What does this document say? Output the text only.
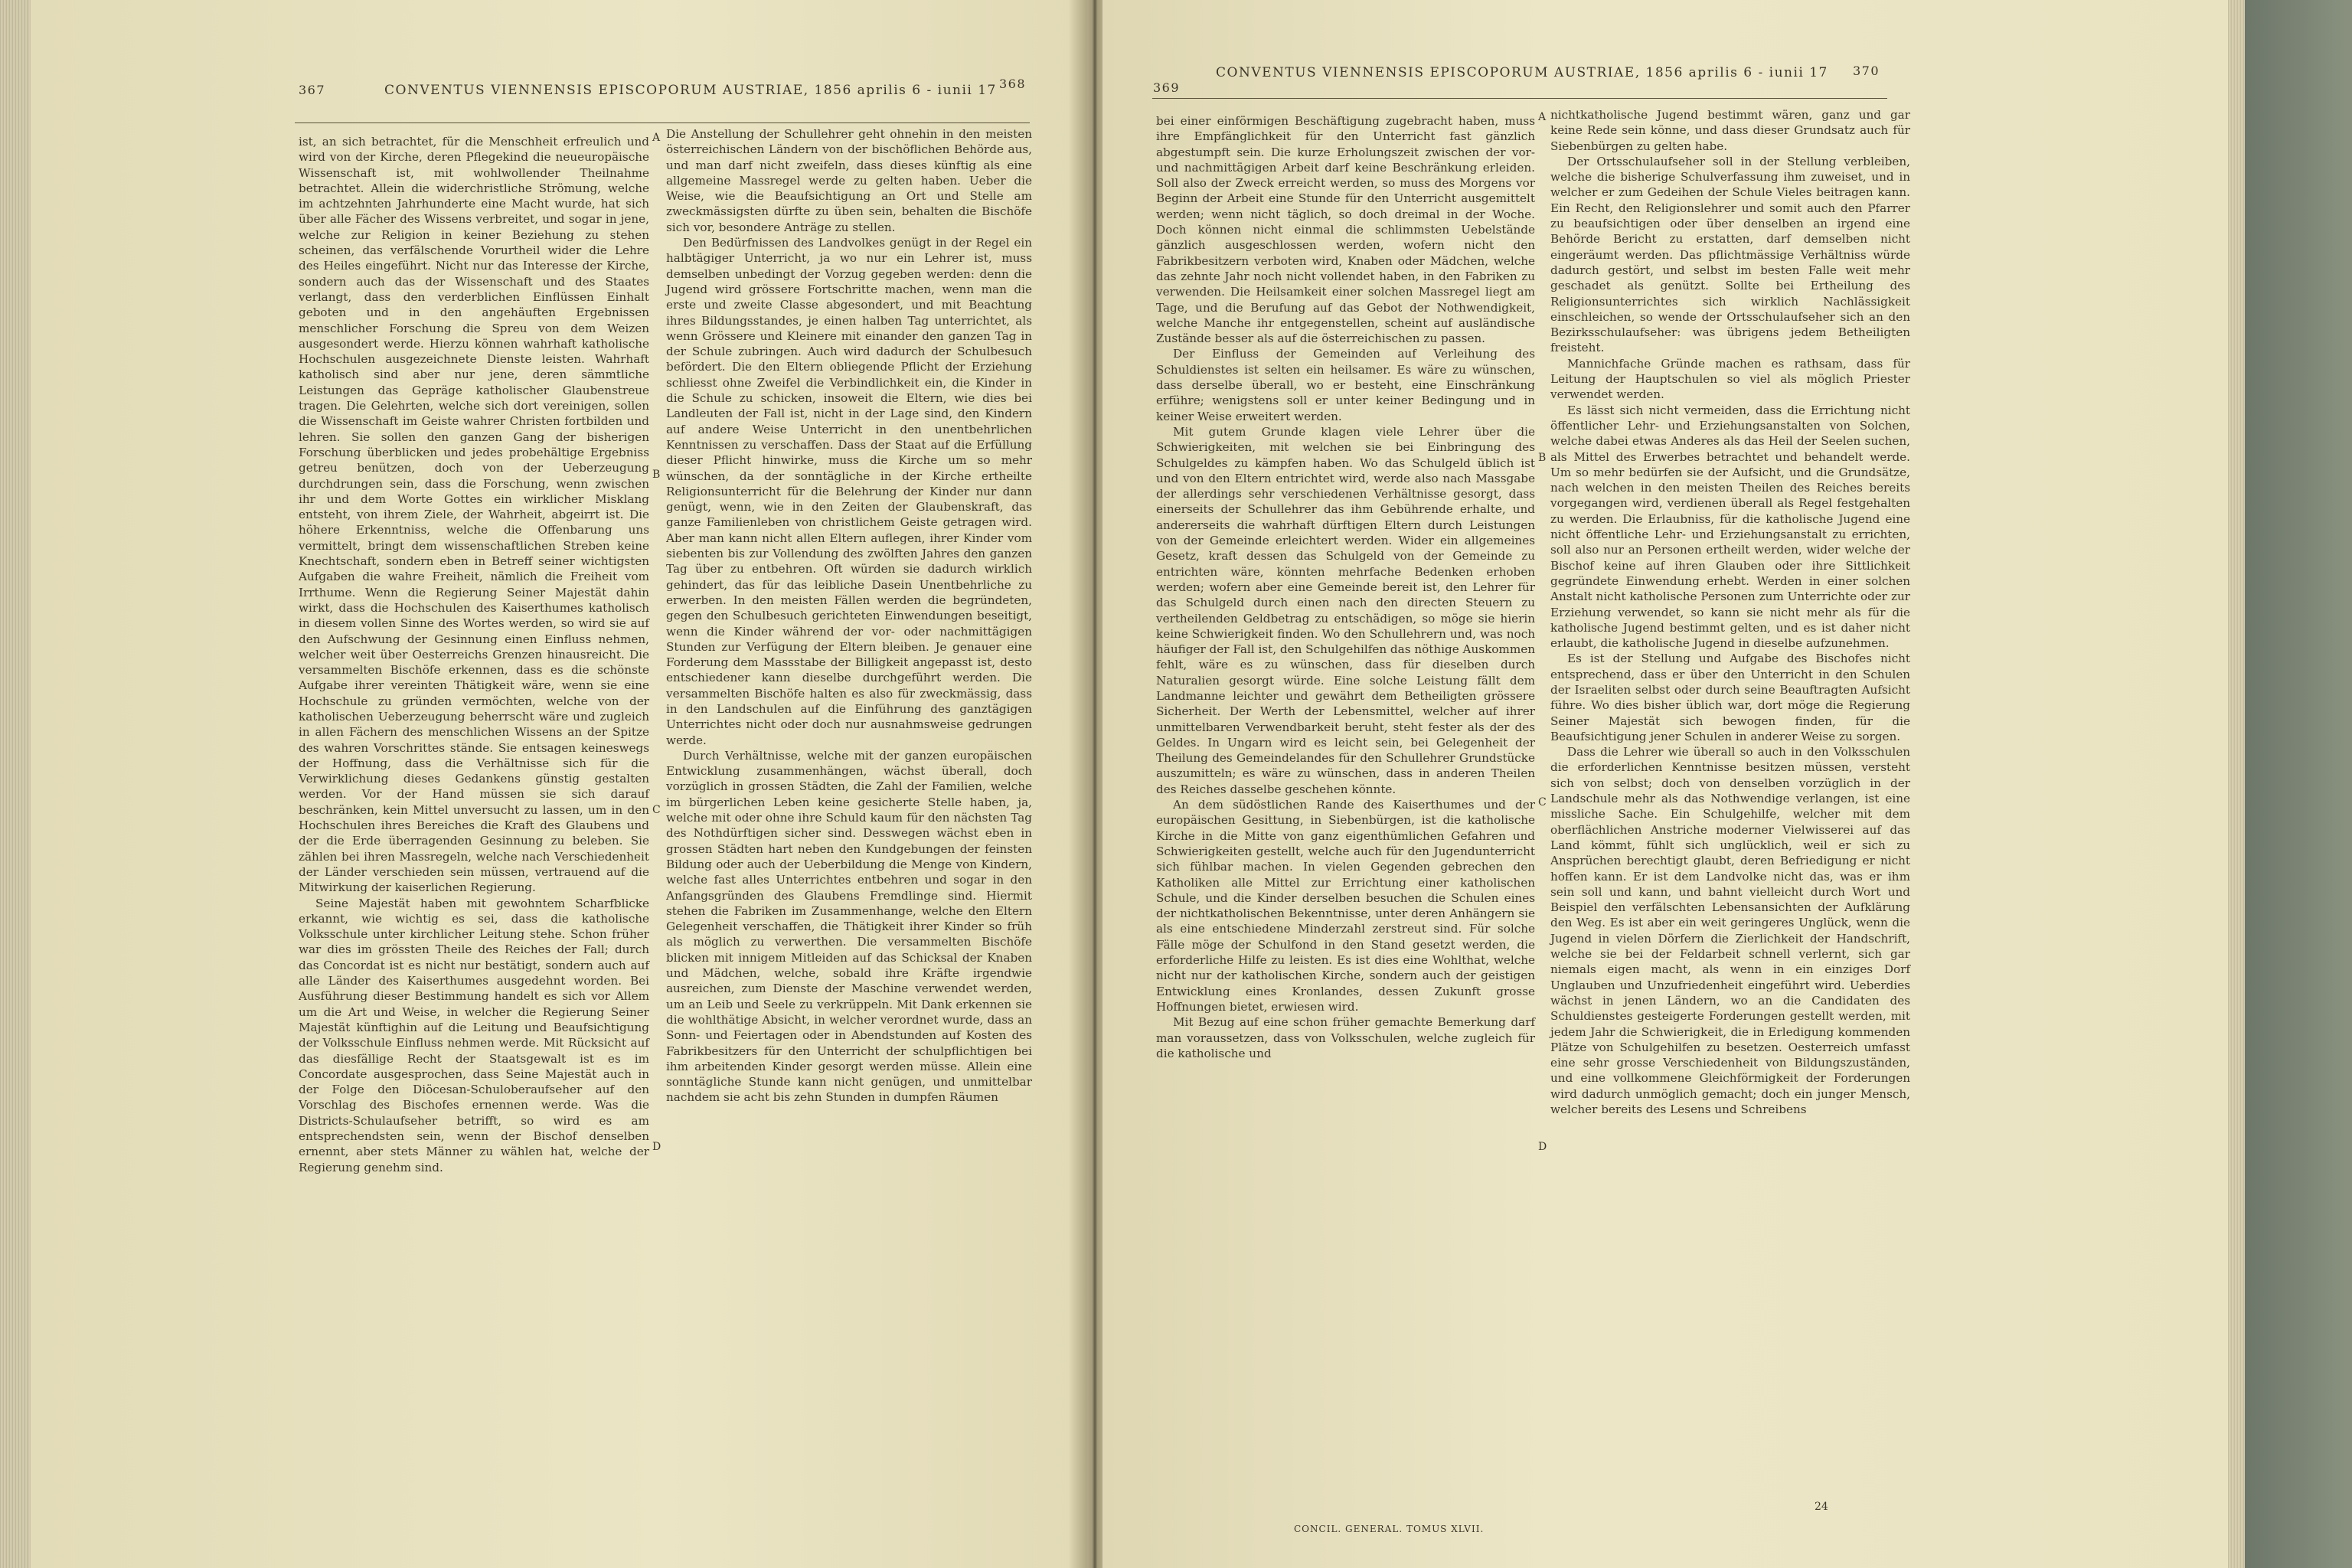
367	CONVENTUS VIENNENSIS EPISCOPORUM AUSTRIAE, 1856 aprilis 6 - iunii 17 368

ist, an sich betrachtet, für die Menschheit erfreulich und wird von der Kirche, deren Pflegekind die neueuropäische Wissenschaft ist, mit wohlwollender Theilnahme betrachtet. Allein die widerchristliche Strömung, welche im achtzehnten Jahrhunderte eine Macht wurde, hat sich über alle Fächer des Wissens verbreitet, und sogar in jene, welche zur Religion in keiner Beziehung zu stehen scheinen, das verfälschende Vorurtheil wider die Lehre des Heiles eingeführt. Nicht nur das Interesse der Kirche, sondern auch das der Wissenschaft und des Staates verlangt, dass den verderblichen Einflüssen Einhalt geboten und in den angehäuften Ergebnissen menschlicher Forschung die Spreu von dem Weizen ausgesondert werde. Hierzu können wahrhaft katholische Hochschulen ausgezeichnete Dienste leisten. Wahrhaft katholisch sind aber nur jene, deren sämmtliche Leistungen das Gepräge katholischer Glaubenstreue tragen. Die Gelehrten, welche sich dort vereinigen, sollen die Wissenschaft im Geiste wahrer Christen fortbilden und lehren. Sie sollen den ganzen Gang der bisherigen Forschung überblicken und jedes probehältige Ergebniss getreu benützen, doch von der Ueberzeugung durchdrungen sein, dass die Forschung, wenn zwischen ihr und dem Worte Gottes ein wirklicher Misklang entsteht, von ihrem Ziele, der Wahrheit, abgeirrt ist. Die höhere Erkenntniss, welche die Offenbarung uns vermittelt, bringt dem wissenschaftlichen Streben keine Knechtschaft, sondern eben in Betreff seiner wichtigsten Aufgaben die wahre Freiheit, nämlich die Freiheit vom Irrthume. Wenn die Regierung Seiner Majestät dahin wirkt, dass die Hochschulen des Kaiserthumes katholisch in diesem vollen Sinne des Wortes werden, so wird sie auf den Aufschwung der Gesinnung einen Einfluss nehmen, welcher weit über Oesterreichs Grenzen hinausreicht. Die versammelten Bischöfe erkennen, dass es die schönste Aufgabe ihrer vereinten Thätigkeit wäre, wenn sie eine Hochschule zu gründen vermöchten, welche von der katholischen Ueberzeugung beherrscht wäre und zugleich in allen Fächern des menschlichen Wissens an der Spitze des wahren Vorschrittes stände. Sie entsagen keineswegs der Hoffnung, dass die Verhältnisse sich für die Verwirklichung dieses Gedankens günstig gestalten werden. Vor der Hand müssen sie sich darauf beschränken, kein Mittel unversucht zu lassen, um in den Hochschulen ihres Bereiches die Kraft des Glaubens und der die Erde überragenden Gesinnung zu beleben. Sie zählen bei ihren Massregeln, welche nach Verschiedenheit der Länder verschieden sein müssen, vertrauend auf die Mitwirkung der kaiserlichen Regierung.

Seine Majestät haben mit gewohntem Scharfblicke erkannt, wie wichtig es sei, dass die katholische Volksschule unter kirchlicher Leitung stehe. Schon früher war dies im grössten Theile des Reiches der Fall; durch das Concordat ist es nicht nur bestätigt, sondern auch auf alle Länder des Kaiserthumes ausgedehnt worden. Bei Ausführung dieser Bestimmung handelt es sich vor Allem um die Art und Weise, in welcher die Regierung Seiner Majestät künftighin auf die Leitung und Beaufsichtigung der Volksschule Einfluss nehmen werde. Mit Rücksicht auf das diesfällige Recht der Staatsgewalt ist es im Concordate ausgesprochen, dass Seine Majestät auch in der Folge den Diöcesan-Schuloberaufseher auf den Vorschlag des Bischofes ernennen werde. Was die Districts-Schulaufseher betrifft, so wird es am entsprechendsten sein, wenn der Bischof denselben ernennt, aber stets Männer zu wählen hat, welche der Regierung genehm sind.

Die Anstellung der Schullehrer geht ohnehin in den meisten österreichischen Ländern von der bischöflichen Behörde aus, und man darf nicht zweifeln, dass dieses künftig als eine allgemeine Massregel werde zu gelten haben. Ueber die Weise, wie die Beaufsichtigung an Ort und Stelle am zweckmässigsten dürfte zu üben sein, behalten die Bischöfe sich vor, besondere Anträge zu stellen.

Den Bedürfnissen des Landvolkes genügt in der Regel ein halbtägiger Unterricht, ja wo nur ein Lehrer ist, muss demselben unbedingt der Vorzug gegeben werden: denn die Jugend wird grössere Fortschritte machen, wenn man die erste und zweite Classe abgesondert, und mit Beachtung ihres Bildungsstandes, je einen halben Tag unterrichtet, als wenn Grössere und Kleinere mit einander den ganzen Tag in der Schule zubringen. Auch wird dadurch der Schulbesuch befördert. Die den Eltern obliegende Pflicht der Erziehung schliesst ohne Zweifel die Verbindlichkeit ein, die Kinder in die Schule zu schicken, insoweit die Eltern, wie dies bei Landleuten der Fall ist, nicht in der Lage sind, den Kindern auf andere Weise Unterricht in den unentbehrlichen Kenntnissen zu verschaffen. Dass der Staat auf die Erfüllung dieser Pflicht hinwirke, muss die Kirche um so mehr wünschen, da der sonntägliche in der Kirche ertheilte Religionsunterricht für die Belehrung der Kinder nur dann genügt, wenn, wie in den Zeiten der Glaubenskraft, das ganze Familienleben von christlichem Geiste getragen wird. Aber man kann nicht allen Eltern auflegen, ihrer Kinder vom siebenten bis zur Vollendung des zwölften Jahres den ganzen Tag über zu entbehren. Oft würden sie dadurch wirklich gehindert, das für das leibliche Dasein Unentbehrliche zu erwerben. In den meisten Fällen werden die begründeten, gegen den Schulbesuch gerichteten Einwendungen beseitigt, wenn die Kinder während der vor- oder nachmittägigen Stunden zur Verfügung der Eltern bleiben. Je genauer eine Forderung dem Massstabe der Billigkeit angepasst ist, desto entschiedener kann dieselbe durchgeführt werden. Die versammelten Bischöfe halten es also für zweckmässig, dass in den Landschulen auf die Einführung des ganztägigen Unterrichtes nicht oder doch nur ausnahmsweise gedrungen werde.

Durch Verhältnisse, welche mit der ganzen europäischen Entwicklung zusammenhängen, wächst überall, doch vorzüglich in grossen Städten, die Zahl der Familien, welche im bürgerlichen Leben keine gesicherte Stelle haben, ja, welche mit oder ohne ihre Schuld kaum für den nächsten Tag des Nothdürftigen sicher sind. Desswegen wächst eben in grossen Städten hart neben den Kundgebungen der feinsten Bildung oder auch der Ueberbildung die Menge von Kindern, welche fast alles Unterrichtes entbehren und sogar in den Anfangsgründen des Glaubens Fremdlinge sind. Hiermit stehen die Fabriken im Zusammenhange, welche den Eltern Gelegenheit verschaffen, die Thätigkeit ihrer Kinder so früh als möglich zu verwerthen. Die versammelten Bischöfe blicken mit innigem Mitleiden auf das Schicksal der Knaben und Mädchen, welche, sobald ihre Kräfte irgendwie ausreichen, zum Dienste der Maschine verwendet werden, um an Leib und Seele zu verkrüppeln. Mit Dank erkennen sie die wohlthätige Absicht, in welcher verordnet wurde, dass an Sonn- und Feiertagen oder in Abendstunden auf Kosten des Fabrikbesitzers für den Unterricht der schulpflichtigen bei ihm arbeitenden Kinder gesorgt werden müsse. Allein eine sonntägliche Stunde kann nicht genügen, und unmittelbar nachdem sie acht bis zehn Stunden in dumpfen Räumen

A
B
C
D
369
CONVENTUS VIENNENSIS EPISCOPORUM AUSTRIAE, 1856 aprilis 6 - iunii 17 370

bei einer einförmigen Beschäftigung zugebracht haben, muss ihre Empfänglichkeit für den Unterricht fast gänzlich abgestumpft sein. Die kurze Erholungszeit zwischen der vor- und nachmittägigen Arbeit darf keine Beschränkung erleiden. Soll also der Zweck erreicht werden, so muss des Morgens vor Beginn der Arbeit eine Stunde für den Unterricht ausgemittelt werden; wenn nicht täglich, so doch dreimal in der Woche. Doch können nicht einmal die schlimmsten Uebelstände gänzlich ausgeschlossen werden, wofern nicht den Fabrikbesitzern verboten wird, Knaben oder Mädchen, welche das zehnte Jahr noch nicht vollendet haben, in den Fabriken zu verwenden. Die Heilsamkeit einer solchen Massregel liegt am Tage, und die Berufung auf das Gebot der Nothwendigkeit, welche Manche ihr entgegenstellen, scheint auf ausländische Zustände besser als auf die österreichischen zu passen.

Der Einfluss der Gemeinden auf Verleihung des Schuldienstes ist selten ein heilsamer. Es wäre zu wünschen, dass derselbe überall, wo er besteht, eine Einschränkung erführe; wenigstens soll er unter keiner Bedingung und in keiner Weise erweitert werden.

Mit gutem Grunde klagen viele Lehrer über die Schwierigkeiten, mit welchen sie bei Einbringung des Schulgeldes zu kämpfen haben. Wo das Schulgeld üblich ist und von den Eltern entrichtet wird, werde also nach Massgabe der allerdings sehr verschiedenen Verhältnisse gesorgt, dass einerseits der Schullehrer das ihm Gebührende erhalte, und andererseits die wahrhaft dürftigen Eltern durch Leistungen von der Gemeinde erleichtert werden. Wider ein allgemeines Gesetz, kraft dessen das Schulgeld von der Gemeinde zu entrichten wäre, könnten mehrfache Bedenken erhoben werden; wofern aber eine Gemeinde bereit ist, den Lehrer für das Schulgeld durch einen nach den directen Steuern zu vertheilenden Geldbetrag zu entschädigen, so möge sie hierin keine Schwierigkeit finden. Wo den Schullehrern und, was noch häufiger der Fall ist, den Schulgehilfen das nöthige Auskommen fehlt, wäre es zu wünschen, dass für dieselben durch Naturalien gesorgt würde. Eine solche Leistung fällt dem Landmanne leichter und gewährt dem Betheiligten grössere Sicherheit. Der Werth der Lebensmittel, welcher auf ihrer unmittelbaren Verwendbarkeit beruht, steht fester als der des Geldes. In Ungarn wird es leicht sein, bei Gelegenheit der Theilung des Gemeindelandes für den Schullehrer Grundstücke auszumitteln; es wäre zu wünschen, dass in anderen Theilen des Reiches dasselbe geschehen könnte.

An dem südöstlichen Rande des Kaiserthumes und der europäischen Gesittung, in Siebenbürgen, ist die katholische Kirche in die Mitte von ganz eigenthümlichen Gefahren und Schwierigkeiten gestellt, welche auch für den Jugendunterricht sich fühlbar machen. In vielen Gegenden gebrechen den Katholiken alle Mittel zur Errichtung einer katholischen Schule, und die Kinder derselben besuchen die Schulen eines der nichtkatholischen Bekenntnisse, unter deren Anhängern sie als eine entschiedene Minderzahl zerstreut sind. Für solche Fälle möge der Schulfond in den Stand gesetzt werden, die erforderliche Hilfe zu leisten. Es ist dies eine Wohlthat, welche nicht nur der katholischen Kirche, sondern auch der geistigen Entwicklung eines Kronlandes, dessen Zukunft grosse Hoffnungen bietet, erwiesen wird.

Mit Bezug auf eine schon früher gemachte Bemerkung darf man voraussetzen, dass von Volksschulen, welche zugleich für die katholische und

nichtkatholische Jugend bestimmt wären, ganz und gar keine Rede sein könne, und dass dieser Grundsatz auch für Siebenbürgen zu gelten habe.

Der Ortsschulaufseher soll in der Stellung verbleiben, welche die bisherige Schulverfassung ihm zuweiset, und in welcher er zum Gedeihen der Schule Vieles beitragen kann. Ein Recht, den Religionslehrer und somit auch den Pfarrer zu beaufsichtigen oder über denselben an irgend eine Behörde Bericht zu erstatten, darf demselben nicht eingeräumt werden. Das pflichtmässige Verhältniss würde dadurch gestört, und selbst im besten Falle weit mehr geschadet als genützt. Sollte bei Ertheilung des Religionsunterrichtes sich wirklich Nachlässigkeit einschleichen, so wende der Ortsschulaufseher sich an den Bezirksschulaufseher: was übrigens jedem Betheiligten freisteht.

Mannichfache Gründe machen es rathsam, dass für Leitung der Hauptschulen so viel als möglich Priester verwendet werden.

Es lässt sich nicht vermeiden, dass die Errichtung nicht öffentlicher Lehr- und Erziehungsanstalten von Solchen, welche dabei etwas Anderes als das Heil der Seelen suchen, als Mittel des Erwerbes betrachtet und behandelt werde. Um so mehr bedürfen sie der Aufsicht, und die Grundsätze, nach welchen in den meisten Theilen des Reiches bereits vorgegangen wird, verdienen überall als Regel festgehalten zu werden. Die Erlaubniss, für die katholische Jugend eine nicht öffentliche Lehr- und Erziehungsanstalt zu errichten, soll also nur an Personen ertheilt werden, wider welche der Bischof keine auf ihren Glauben oder ihre Sittlichkeit gegründete Einwendung erhebt. Werden in einer solchen Anstalt nicht katholische Personen zum Unterrichte oder zur Erziehung verwendet, so kann sie nicht mehr als für die katholische Jugend bestimmt gelten, und es ist daher nicht erlaubt, die katholische Jugend in dieselbe aufzunehmen.

Es ist der Stellung und Aufgabe des Bischofes nicht entsprechend, dass er über den Unterricht in den Schulen der Israeliten selbst oder durch seine Beauftragten Aufsicht führe. Wo dies bisher üblich war, dort möge die Regierung Seiner Majestät sich bewogen finden, für die Beaufsichtigung jener Schulen in anderer Weise zu sorgen.

Dass die Lehrer wie überall so auch in den Volksschulen die erforderlichen Kenntnisse besitzen müssen, versteht sich von selbst; doch von denselben vorzüglich in der Landschule mehr als das Nothwendige verlangen, ist eine missliche Sache. Ein Schulgehilfe, welcher mit dem oberflächlichen Anstriche moderner Vielwisserei auf das Land kömmt, fühlt sich unglücklich, weil er sich zu Ansprüchen berechtigt glaubt, deren Befriedigung er nicht hoffen kann. Er ist dem Landvolke nicht das, was er ihm sein soll und kann, und bahnt vielleicht durch Wort und Beispiel den verfälschten Lebensansichten der Aufklärung den Weg. Es ist aber ein weit geringeres Unglück, wenn die Jugend in vielen Dörfern die Zierlichkeit der Handschrift, welche sie bei der Feldarbeit schnell verlernt, sich gar niemals eigen macht, als wenn in ein einziges Dorf Unglauben und Unzufriedenheit eingeführt wird. Ueberdies wächst in jenen Ländern, wo an die Candidaten des Schuldienstes gesteigerte Forderungen gestellt werden, mit jedem Jahr die Schwierigkeit, die in Erledigung kommenden Plätze von Schulgehilfen zu besetzen. Oesterreich umfasst eine sehr grosse Verschiedenheit von Bildungszuständen, und eine vollkommene Gleichförmigkeit der Forderungen wird dadurch unmöglich gemacht; doch ein junger Mensch, welcher bereits des Lesens und Schreibens

A
B
C
D
CONCIL. GENERAL. TOMUS XLVII.
24
